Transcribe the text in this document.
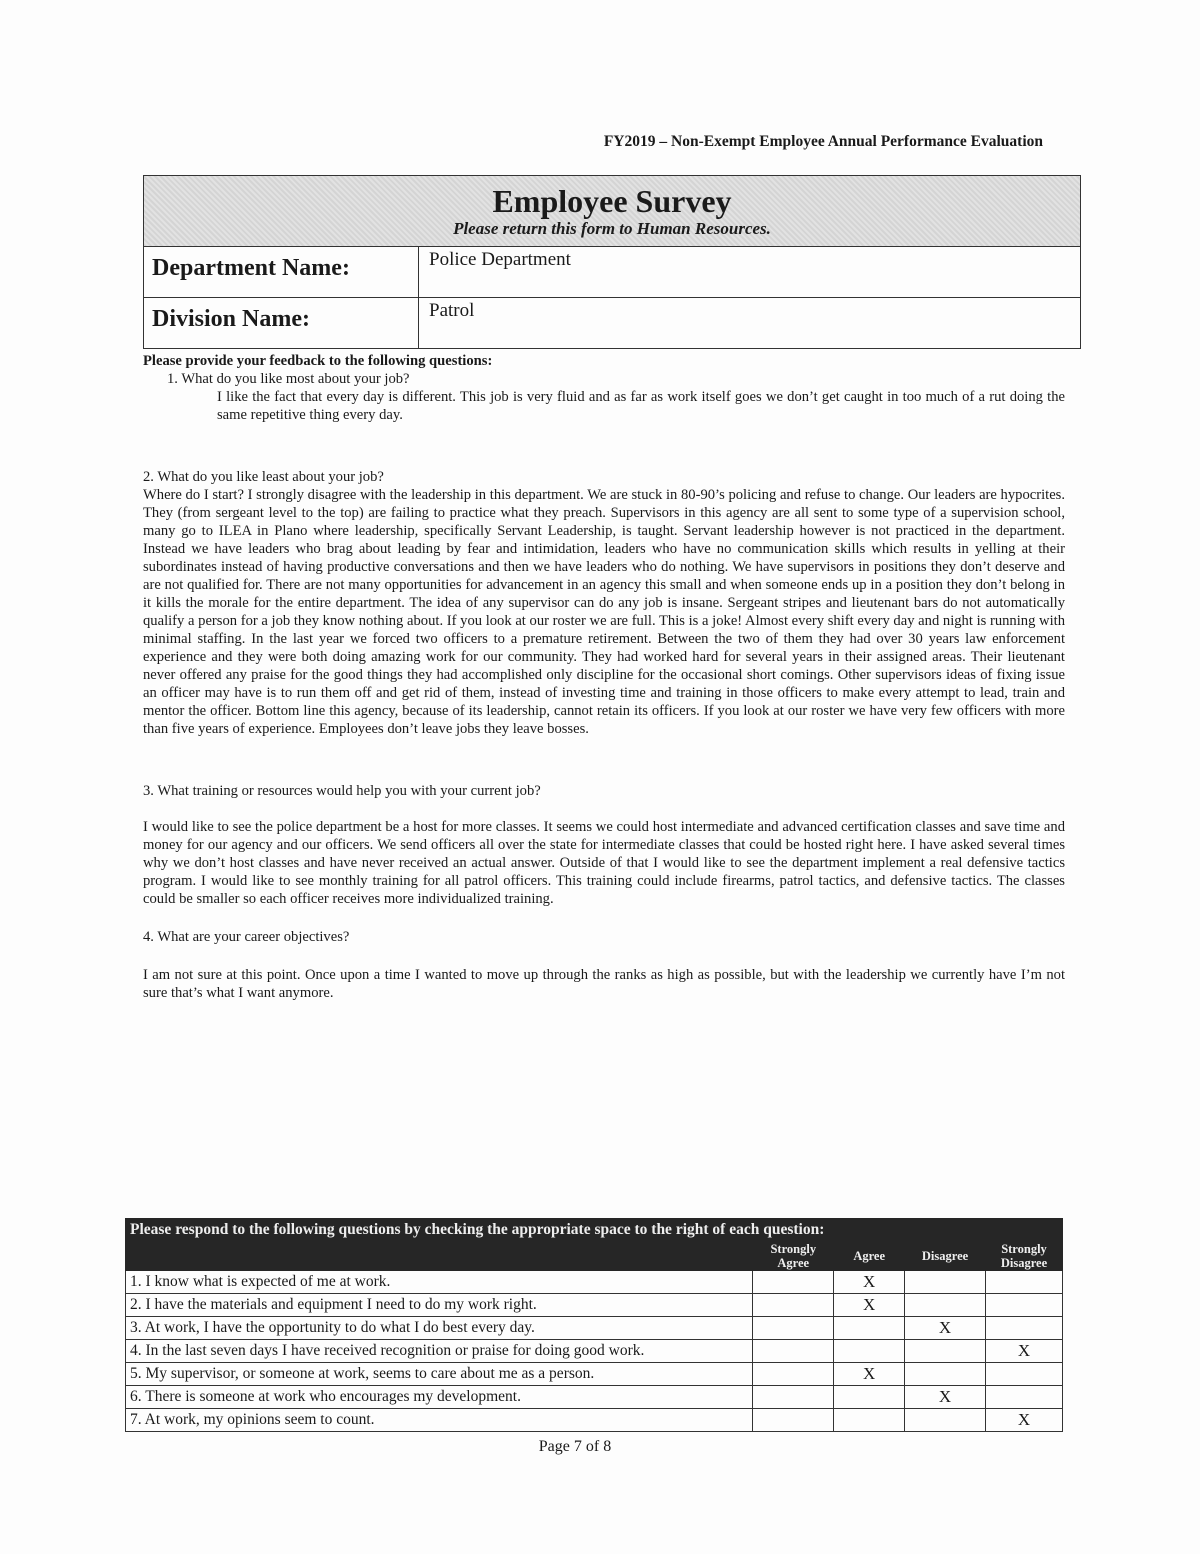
FY2019 – Non-Exempt Employee Annual Performance Evaluation
Employee Survey
Please return this form to Human Resources.
Department Name:	Police Department
Division Name:	Patrol

Please provide your feedback to the following questions:

1. What do you like most about your job?

I like the fact that every day is different. This job is very fluid and as far as work itself goes we don’t get caught in too much of a rut doing the same repetitive thing every day.

2. What do you like least about your job?

Where do I start? I strongly disagree with the leadership in this department. We are stuck in 80-90’s policing and refuse to change. Our leaders are hypocrites. They (from sergeant level to the top) are failing to practice what they preach. Supervisors in this agency are all sent to some type of a supervision school, many go to ILEA in Plano where leadership, specifically Servant Leadership, is taught. Servant leadership however is not practiced in the department. Instead we have leaders who brag about leading by fear and intimidation, leaders who have no communication skills which results in yelling at their subordinates instead of having productive conversations and then we have leaders who do nothing. We have supervisors in positions they don’t deserve and are not qualified for. There are not many opportunities for advancement in an agency this small and when someone ends up in a position they don’t belong in it kills the morale for the entire department. The idea of any supervisor can do any job is insane. Sergeant stripes and lieutenant bars do not automatically qualify a person for a job they know nothing about. If you look at our roster we are full. This is a joke! Almost every shift every day and night is running with minimal staffing. In the last year we forced two officers to a premature retirement. Between the two of them they had over 30 years law enforcement experience and they were both doing amazing work for our community. They had worked hard for several years in their assigned areas. Their lieutenant never offered any praise for the good things they had accomplished only discipline for the occasional short comings. Other supervisors ideas of fixing issue an officer may have is to run them off and get rid of them, instead of investing time and training in those officers to make every attempt to lead, train and mentor the officer. Bottom line this agency, because of its leadership, cannot retain its officers. If you look at our roster we have very few officers with more than five years of experience. Employees don’t leave jobs they leave bosses.

3. What training or resources would help you with your current job?

I would like to see the police department be a host for more classes. It seems we could host intermediate and advanced certification classes and save time and money for our agency and our officers. We send officers all over the state for intermediate classes that could be hosted right here. I have asked several times why we don’t host classes and have never received an actual answer. Outside of that I would like to see the department implement a real defensive tactics program. I would like to see monthly training for all patrol officers. This training could include firearms, patrol tactics, and defensive tactics. The classes could be smaller so each officer receives more individualized training.

4. What are your career objectives?

I am not sure at this point. Once upon a time I wanted to move up through the ranks as high as possible, but with the leadership we currently have I’m not sure that’s what I want anymore.

Please respond to the following questions by checking the appropriate space to the right of each question:				
	Strongly Agree	Agree	Disagree	Strongly Disagree
1. I know what is expected of me at work.		X		
2. I have the materials and equipment I need to do my work right.		X		
3. At work, I have the opportunity to do what I do best every day.			X	
4. In the last seven days I have received recognition or praise for doing good work.				X
5. My supervisor, or someone at work, seems to care about me as a person.		X		
6. There is someone at work who encourages my development.			X	
7. At work, my opinions seem to count.				X
Page 7 of 8
